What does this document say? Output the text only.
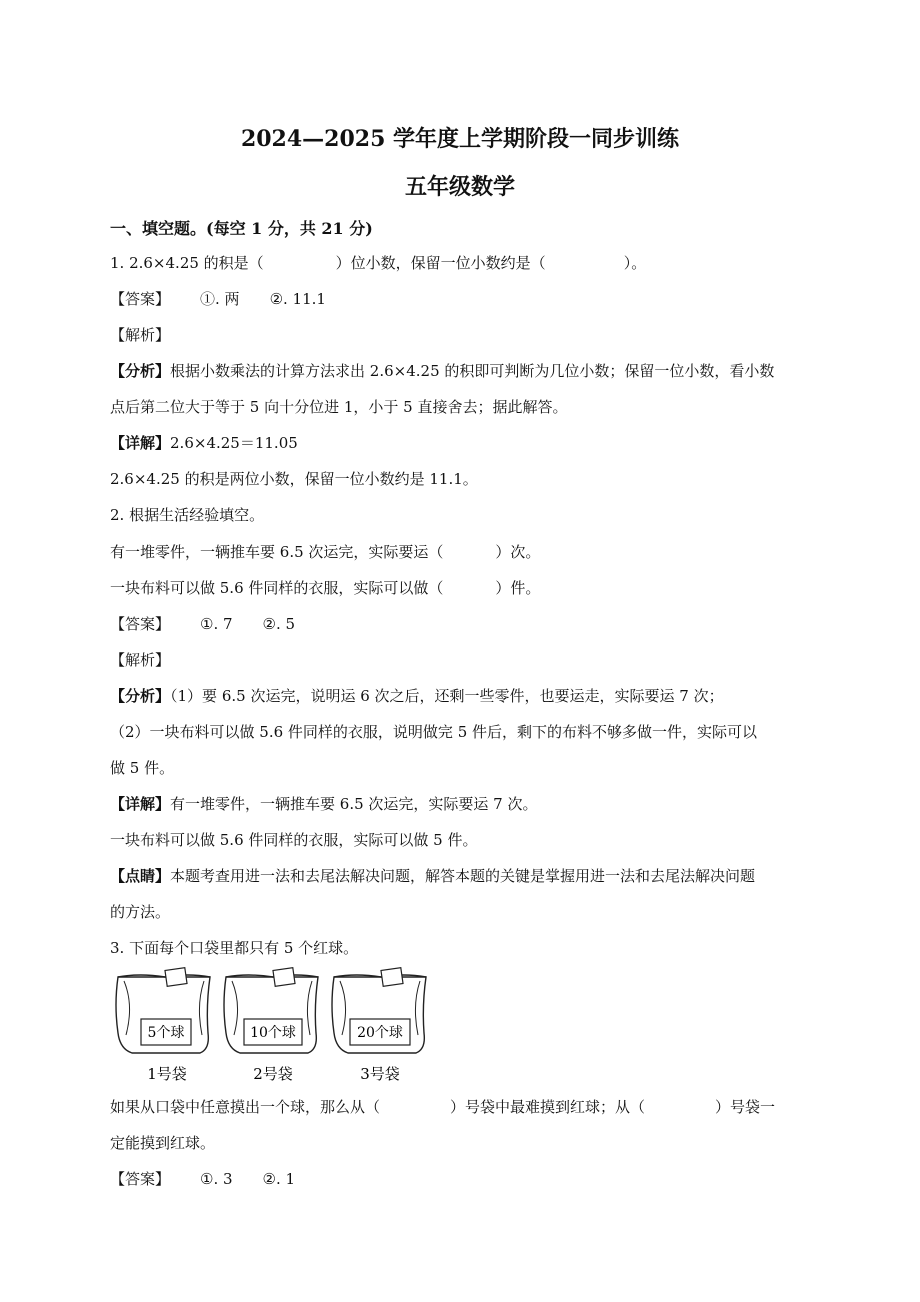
2024—2025 学年度上学期阶段一同步训练
五年级数学
一、填空题。(每空 1 分，共 21 分)
1. 2.6×4.25 的积是（	）位小数，保留一位小数约是（	）。
【答案】 ①. 两 ②. 11.1
【解析】
【分析】根据小数乘法的计算方法求出 2.6×4.25 的积即可判断为几位小数；保留一位小数，看小数
点后第二位大于等于 5 向十分位进 1，小于 5 直接舍去；据此解答。
【详解】2.6×4.25＝11.05
2.6×4.25 的积是两位小数，保留一位小数约是 11.1。
2. 根据生活经验填空。
有一堆零件，一辆推车要 6.5 次运完，实际要运（	）次。
一块布料可以做 5.6 件同样的衣服，实际可以做（	）件。
【答案】 ①. 7 ②. 5
【解析】
【分析】（1）要 6.5 次运完，说明运 6 次之后，还剩一些零件，也要运走，实际要运 7 次；
（2）一块布料可以做 5.6 件同样的衣服，说明做完 5 件后，剩下的布料不够多做一件，实际可以
做 5 件。
【详解】有一堆零件，一辆推车要 6.5 次运完，实际要运 7 次。
一块布料可以做 5.6 件同样的衣服，实际可以做 5 件。
【点睛】本题考查用进一法和去尾法解决问题，解答本题的关键是掌握用进一法和去尾法解决问题
的方法。
3. 下面每个口袋里都只有 5 个红球。
5个球
1号袋
10个球
2号袋
20个球
3号袋
如果从口袋中任意摸出一个球，那么从（	）号袋中最难摸到红球；从（	）号袋一
定能摸到红球。
【答案】 ①. 3 ②. 1
